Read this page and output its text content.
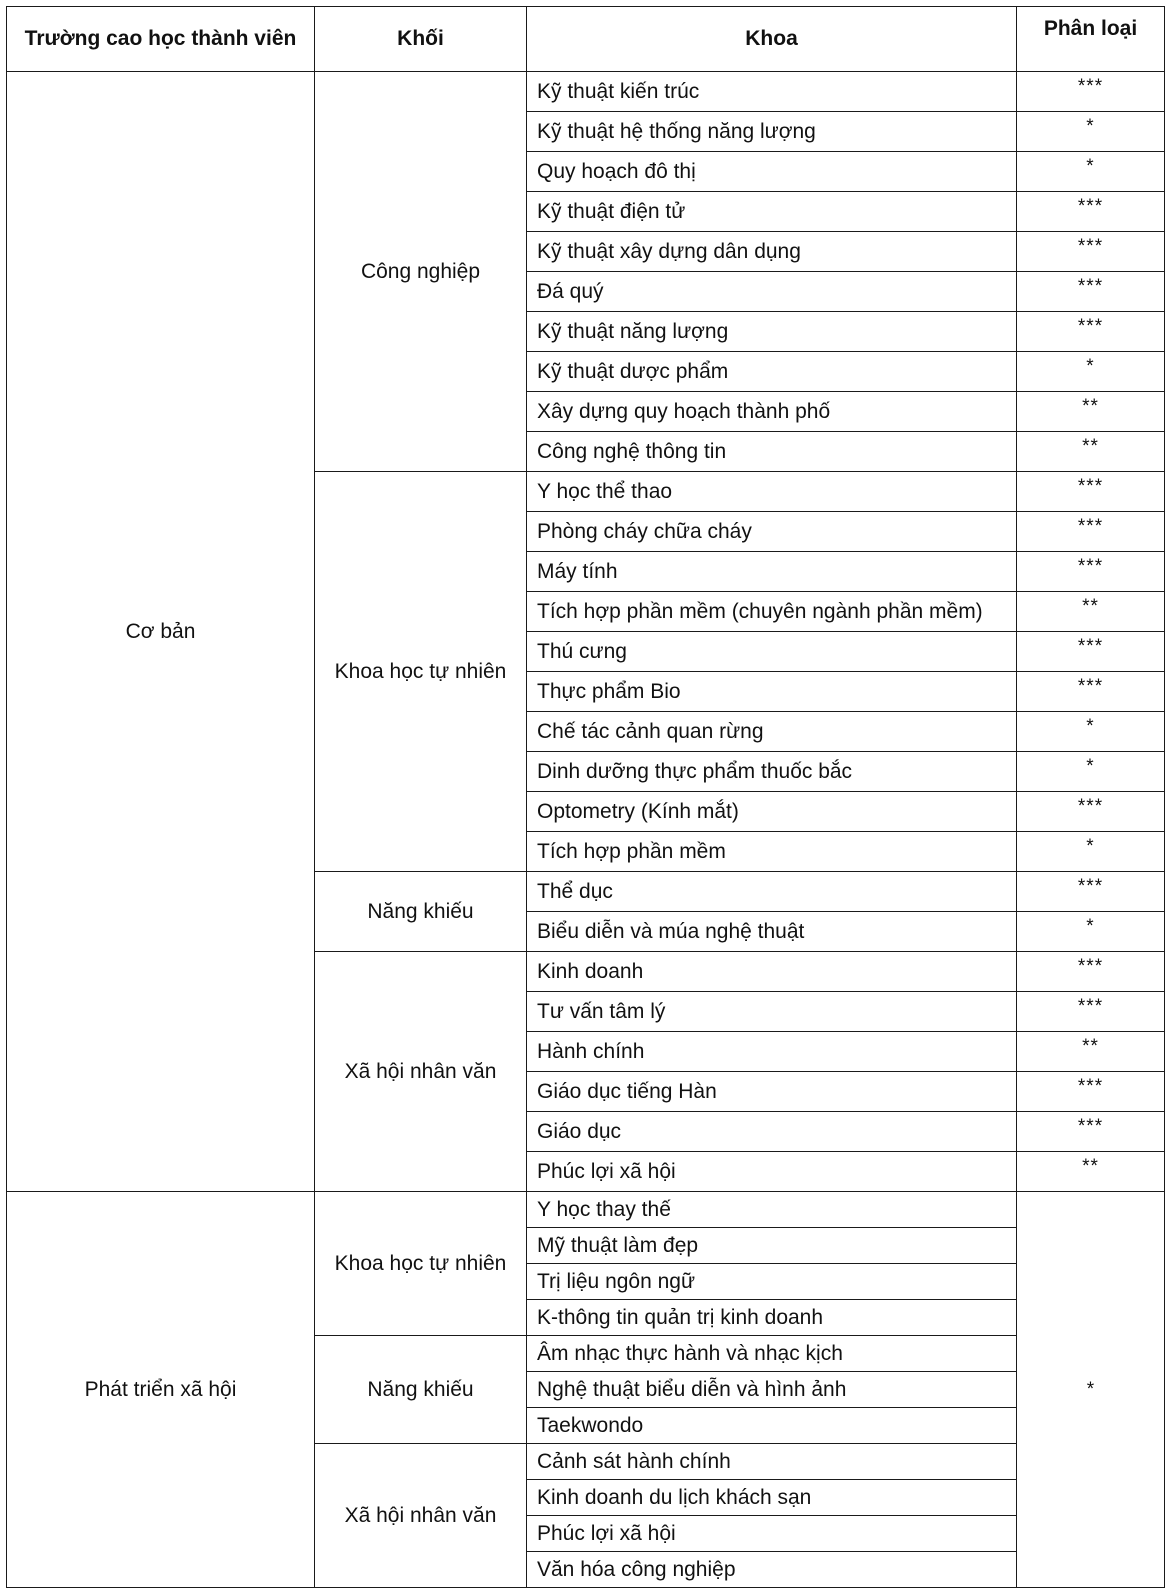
Trường cao học thành viên	Khối	Khoa	Phân loại
Cơ bản	Công nghiệp	Kỹ thuật kiến trúc	***
		Kỹ thuật hệ thống năng lượng	*
		Quy hoạch đô thị	*
		Kỹ thuật điện tử	***
		Kỹ thuật xây dựng dân dụng	***
		Đá quý	***
		Kỹ thuật năng lượng	***
		Kỹ thuật dược phẩm	*
		Xây dựng quy hoạch thành phố	**
		Công nghệ thông tin	**
	Khoa học tự nhiên	Y học thể thao	***
		Phòng cháy chữa cháy	***
		Máy tính	***
		Tích hợp phần mềm (chuyên ngành phần mềm)	**
		Thú cưng	***
		Thực phẩm Bio	***
		Chế tác cảnh quan rừng	*
		Dinh dưỡng thực phẩm thuốc bắc	*
		Optometry (Kính mắt)	***
		Tích hợp phần mềm	*
	Năng khiếu	Thể dục	***
		Biểu diễn và múa nghệ thuật	*
	Xã hội nhân văn	Kinh doanh	***
		Tư vấn tâm lý	***
		Hành chính	**
		Giáo dục tiếng Hàn	***
		Giáo dục	***
		Phúc lợi xã hội	**
Phát triển xã hội	Khoa học tự nhiên	Y học thay thế	*
		Mỹ thuật làm đẹp	
		Trị liệu ngôn ngữ	
		K-thông tin quản trị kinh doanh	
	Năng khiếu	Âm nhạc thực hành và nhạc kịch	
		Nghệ thuật biểu diễn và hình ảnh	
		Taekwondo	
	Xã hội nhân văn	Cảnh sát hành chính	
		Kinh doanh du lịch khách sạn	
		Phúc lợi xã hội	
		Văn hóa công nghiệp	
